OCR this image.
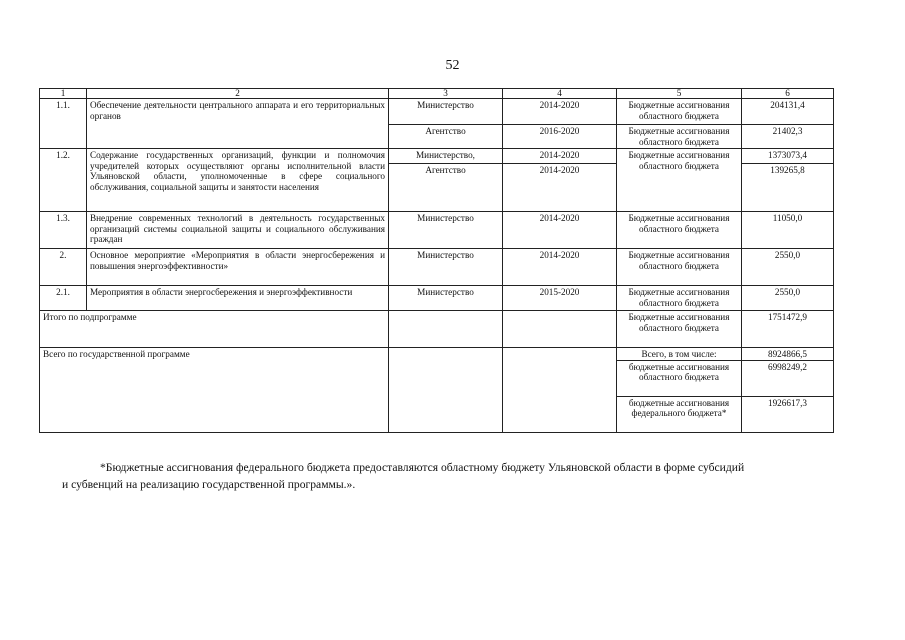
52
1	2	3	4	5	6
1.1.	Обеспечение деятельности центрального аппарата и его территориальных органов	Министерство	2014-2020	Бюджетные ассигнования областного бюджета	204131,4
		Агентство	2016-2020	Бюджетные ассигнования областного бюджета	21402,3
1.2.	Содержание государственных организаций, функции и полномочия учредителей которых осуществляют органы исполнительной власти Ульяновской области, уполномоченные в сфере социального обслуживания, социальной защиты и занятости населения	Министерство,	2014-2020	Бюджетные ассигнования областного бюджета	1373073,4
		Агентство	2014-2020		139265,8
1.3.	Внедрение современных технологий в деятельность государственных организаций системы социальной защиты и социального обслуживания граждан	Министерство	2014-2020	Бюджетные ассигнования областного бюджета	11050,0
2.	Основное мероприятие «Мероприятия в области энергосбережения и повышения энергоэффективности»	Министерство	2014-2020	Бюджетные ассигнования областного бюджета	2550,0
2.1.	Мероприятия в области энергосбережения и энергоэффективности	Министерство	2015-2020	Бюджетные ассигнования областного бюджета	2550,0
Итого по подпрограмме				Бюджетные ассигнования областного бюджета	1751472,9
Всего по государственной программе				Всего, в том числе:	8924866,5
				бюджетные ассигнования областного бюджета	6998249,2
				бюджетные ассигнования федерального бюджета*	1926617,3
*Бюджетные ассигнования федерального бюджета предоставляются областному бюджету Ульяновской области в форме субсидий
и субвенций на реализацию государственной программы.».
